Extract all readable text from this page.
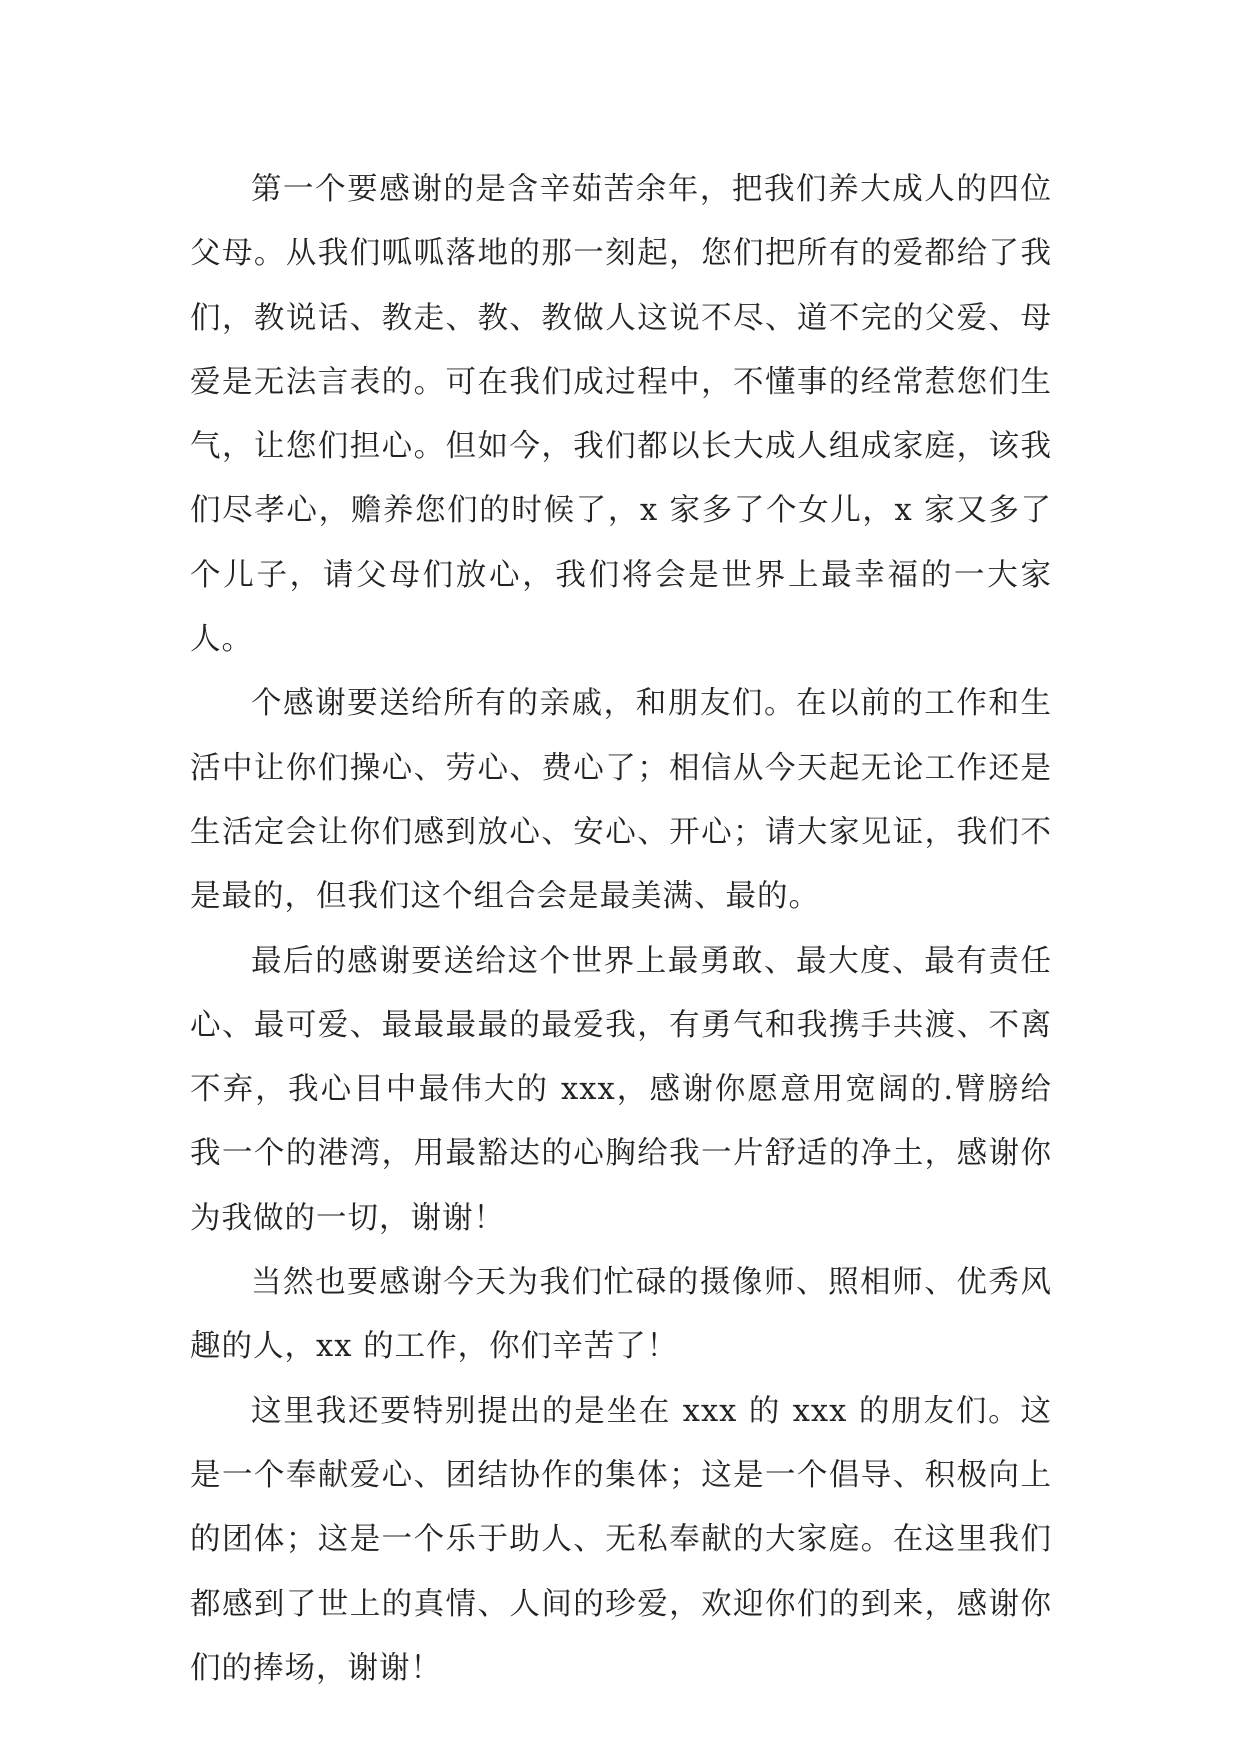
第一个要感谢的是含辛茹苦余年，把我们养大成人的四位父母。从我们呱呱落地的那一刻起，您们把所有的爱都给了我们，教说话、教走、教、教做人这说不尽、道不完的父爱、母爱是无法言表的。可在我们成过程中，不懂事的经常惹您们生气，让您们担心。但如今，我们都以长大成人组成家庭，该我们尽孝心，赡养您们的时候了，x 家多了个女儿，x 家又多了个儿子，请父母们放心，我们将会是世界上最幸福的一大家人。

个感谢要送给所有的亲戚，和朋友们。在以前的工作和生活中让你们操心、劳心、费心了；相信从今天起无论工作还是生活定会让你们感到放心、安心、开心；请大家见证，我们不是最的，但我们这个组合会是最美满、最的。

最后的感谢要送给这个世界上最勇敢、最大度、最有责任心、最可爱、最最最最的最爱我，有勇气和我携手共渡、不离不弃，我心目中最伟大的 xxx，感谢你愿意用宽阔的.臂膀给我一个的港湾，用最豁达的心胸给我一片舒适的净土，感谢你为我做的一切，谢谢！

当然也要感谢今天为我们忙碌的摄像师、照相师、优秀风趣的人，xx 的工作，你们辛苦了！

这里我还要特别提出的是坐在 xxx 的 xxx 的朋友们。这是一个奉献爱心、团结协作的集体；这是一个倡导、积极向上的团体；这是一个乐于助人、无私奉献的大家庭。在这里我们都感到了世上的真情、人间的珍爱，欢迎你们的到来，感谢你们的捧场，谢谢！
